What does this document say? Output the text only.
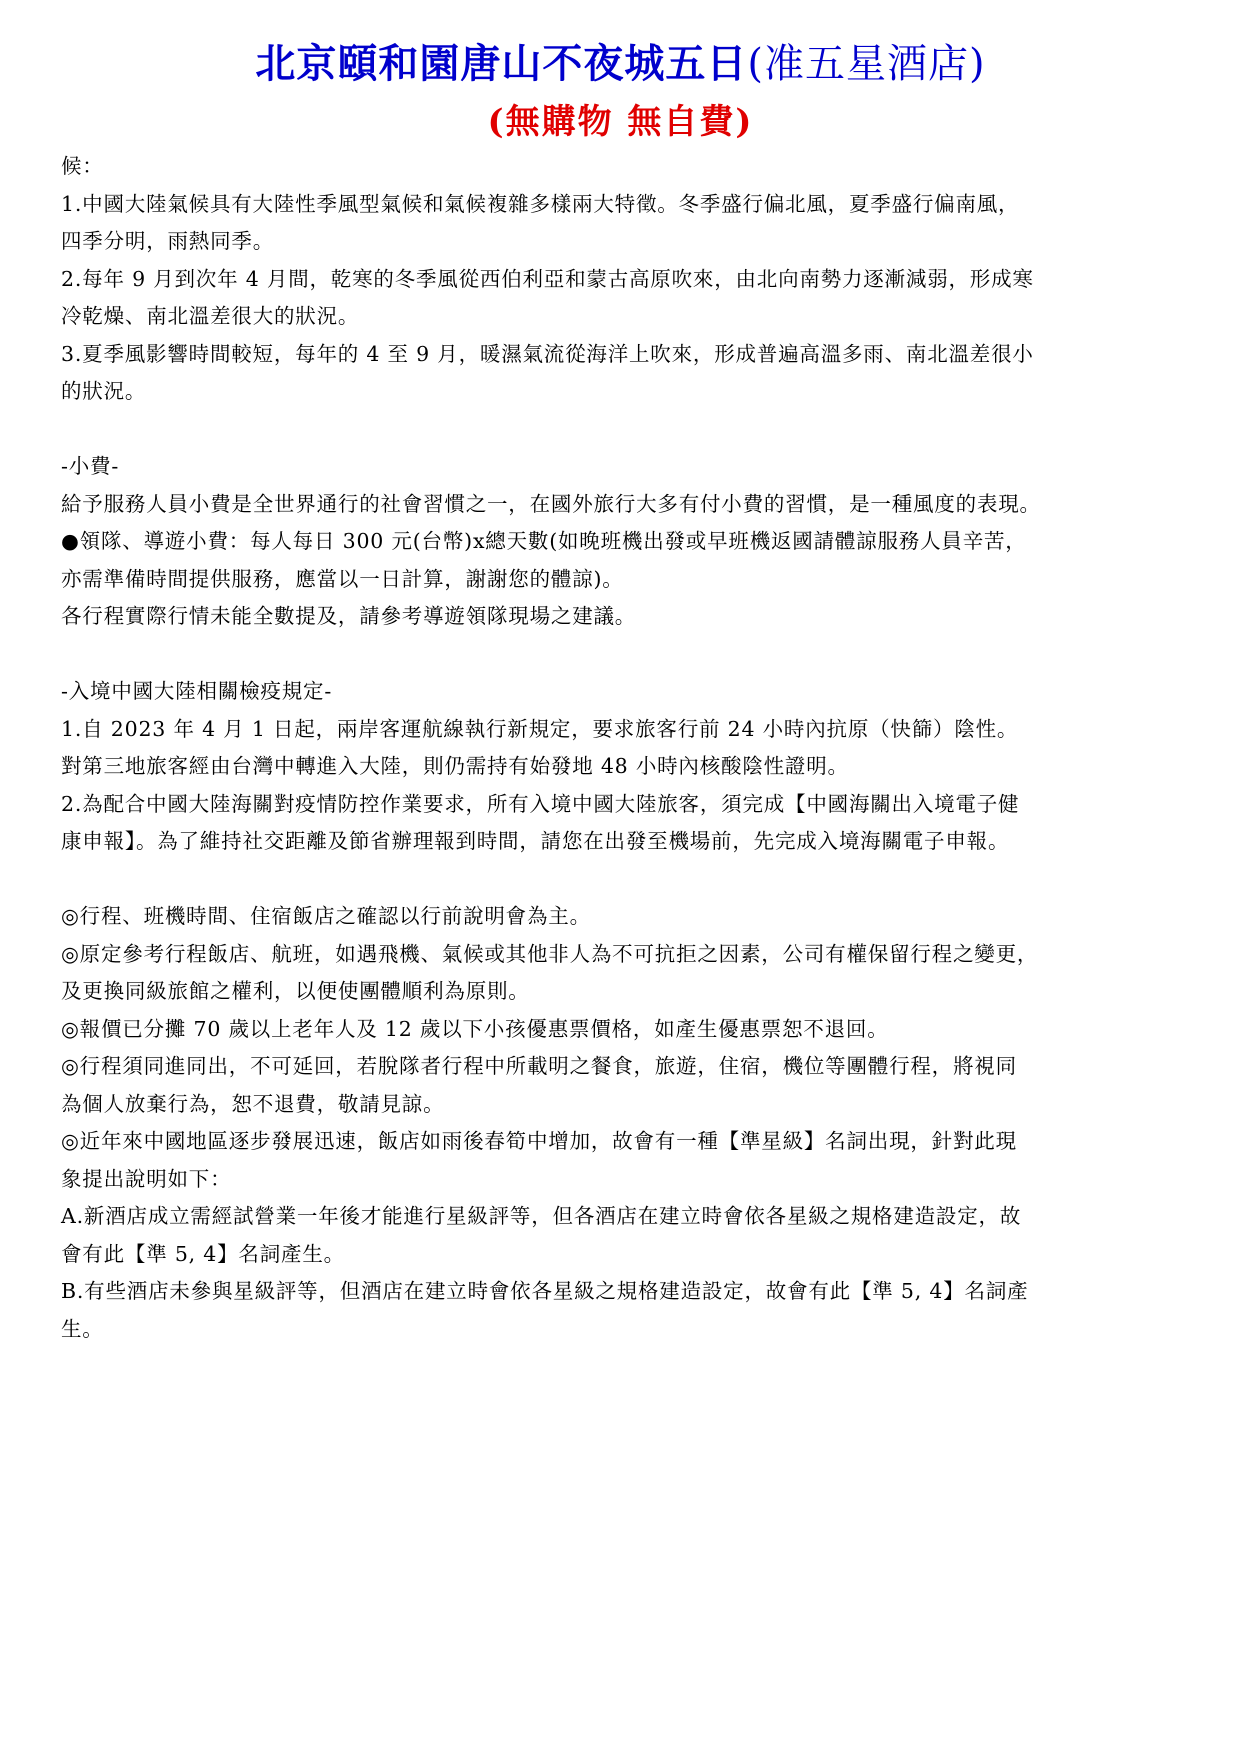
北京頤和園唐山不夜城五日(准五星酒店)
(無購物 無自費)

候：

1.中國大陸氣候具有大陸性季風型氣候和氣候複雜多樣兩大特徵。冬季盛行偏北風，夏季盛行偏南風，

四季分明，雨熱同季。

2.每年 9 月到次年 4 月間，乾寒的冬季風從西伯利亞和蒙古高原吹來，由北向南勢力逐漸減弱，形成寒

冷乾燥、南北溫差很大的狀況。

3.夏季風影響時間較短，每年的 4 至 9 月，暖濕氣流從海洋上吹來，形成普遍高溫多雨、南北溫差很小

的狀況。

-小費-

給予服務人員小費是全世界通行的社會習慣之一，在國外旅行大多有付小費的習慣，是一種風度的表現。

●領隊、導遊小費：每人每日 300 元(台幣)x總天數(如晚班機出發或早班機返國請體諒服務人員辛苦，

亦需準備時間提供服務，應當以一日計算，謝謝您的體諒)。

各行程實際行情未能全數提及，請參考導遊領隊現場之建議。

-入境中國大陸相關檢疫規定-

1.自 2023 年 4 月 1 日起，兩岸客運航線執行新規定，要求旅客行前 24 小時內抗原（快篩）陰性。

對第三地旅客經由台灣中轉進入大陸，則仍需持有始發地 48 小時內核酸陰性證明。

2.為配合中國大陸海關對疫情防控作業要求，所有入境中國大陸旅客，須完成【中國海關出入境電子健

康申報】。為了維持社交距離及節省辦理報到時間，請您在出發至機場前，先完成入境海關電子申報。

◎行程、班機時間、住宿飯店之確認以行前說明會為主。

◎原定參考行程飯店、航班，如遇飛機、氣候或其他非人為不可抗拒之因素，公司有權保留行程之變更，

及更換同級旅館之權利，以便使團體順利為原則。

◎報價已分攤 70 歲以上老年人及 12 歲以下小孩優惠票價格，如產生優惠票恕不退回。

◎行程須同進同出，不可延回，若脫隊者行程中所載明之餐食，旅遊，住宿，機位等團體行程，將視同

為個人放棄行為，恕不退費，敬請見諒。

◎近年來中國地區逐步發展迅速，飯店如雨後春筍中增加，故會有一種【準星級】名詞出現，針對此現

象提出說明如下：

A.新酒店成立需經試營業一年後才能進行星級評等，但各酒店在建立時會依各星級之規格建造設定，故

會有此【準 5, 4】名詞產生。

B.有些酒店未參與星級評等，但酒店在建立時會依各星級之規格建造設定，故會有此【準 5, 4】名詞產

生。
